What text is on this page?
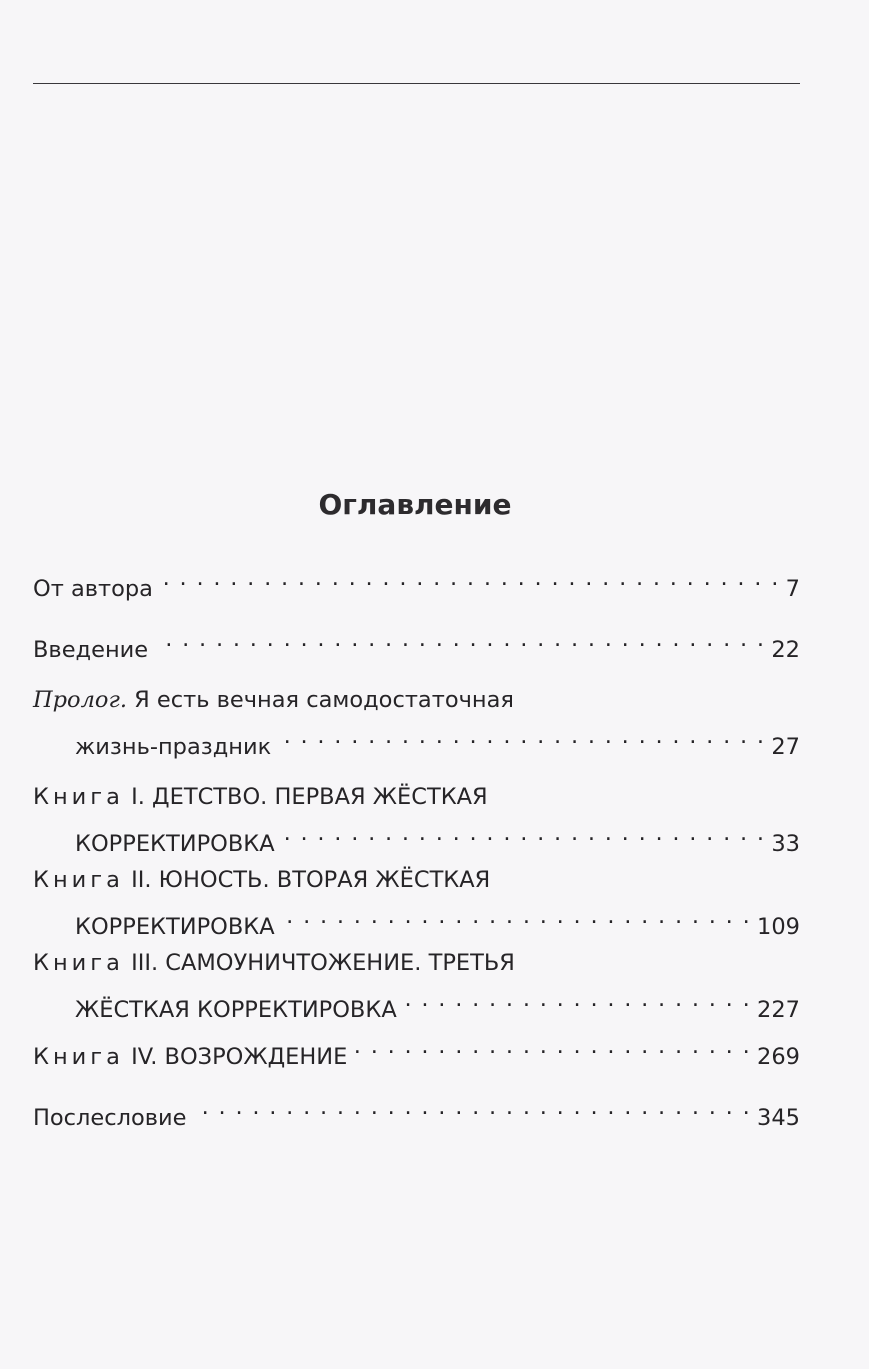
Оглавление
От автора . . .	7
Введение . . .	22
Пролог. Я есть вечная самодостаточная
жизнь-праздник . . .	27
Книга I. ДЕТСТВО. ПЕРВАЯ ЖЁСТКАЯ
КОРРЕКТИРОВКА . . .	33
Книга II. ЮНОСТЬ. ВТОРАЯ ЖЁСТКАЯ
КОРРЕКТИРОВКА . . .	109
Книга III. САМОУНИЧТОЖЕНИЕ. ТРЕТЬЯ
ЖЁСТКАЯ КОРРЕКТИРОВКА . . .	227
Книга IV. ВОЗРОЖДЕНИЕ . . .	269
Послесловие . . .	345
